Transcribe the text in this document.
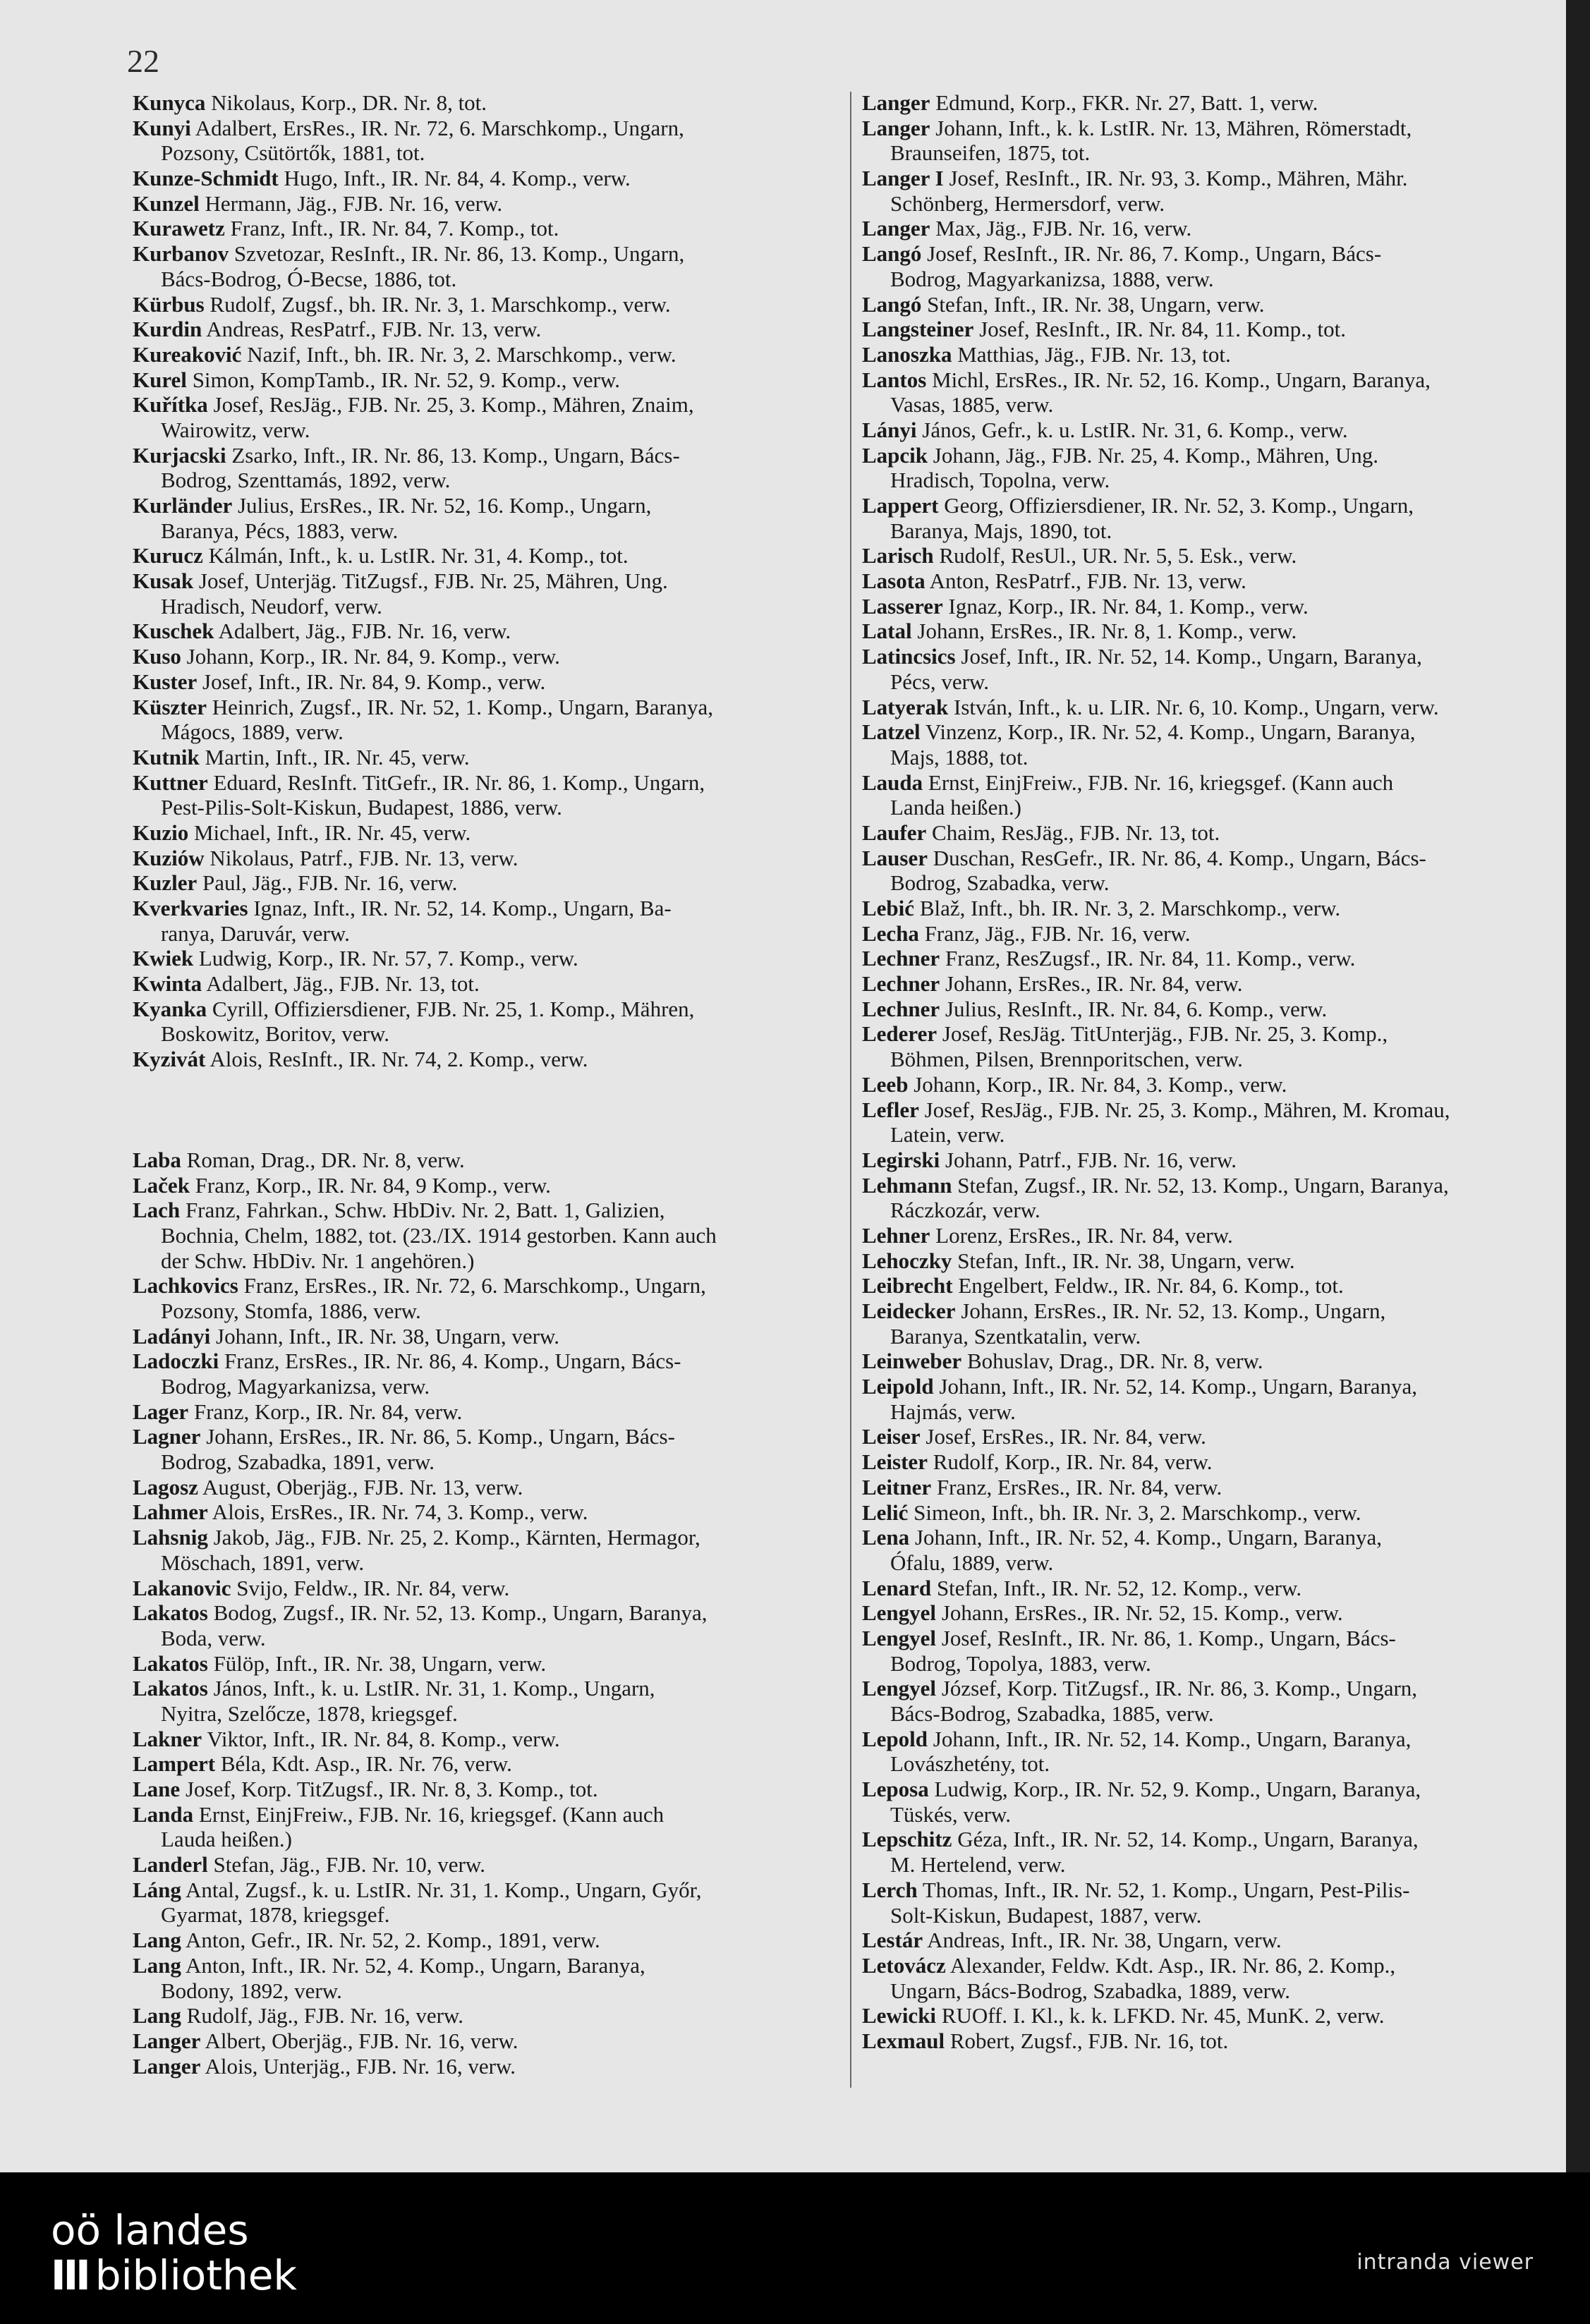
22
Kunyca Nikolaus, Korp., DR. Nr. 8, tot.
Kunyi Adalbert, ErsRes., IR. Nr. 72, 6. Marschkomp., Ungarn,
Pozsony, Csütörtők, 1881, tot.
Kunze-Schmidt Hugo, Inft., IR. Nr. 84, 4. Komp., verw.
Kunzel Hermann, Jäg., FJB. Nr. 16, verw.
Kurawetz Franz, Inft., IR. Nr. 84, 7. Komp., tot.
Kurbanov Szvetozar, ResInft., IR. Nr. 86, 13. Komp., Ungarn,
Bács-Bodrog, Ó-Becse, 1886, tot.
Kürbus Rudolf, Zugsf., bh. IR. Nr. 3, 1. Marschkomp., verw.
Kurdin Andreas, ResPatrf., FJB. Nr. 13, verw.
Kureaković Nazif, Inft., bh. IR. Nr. 3, 2. Marschkomp., verw.
Kurel Simon, KompTamb., IR. Nr. 52, 9. Komp., verw.
Kuřítka Josef, ResJäg., FJB. Nr. 25, 3. Komp., Mähren, Znaim,
Wairowitz, verw.
Kurjacski Zsarko, Inft., IR. Nr. 86, 13. Komp., Ungarn, Bács-
Bodrog, Szenttamás, 1892, verw.
Kurländer Julius, ErsRes., IR. Nr. 52, 16. Komp., Ungarn,
Baranya, Pécs, 1883, verw.
Kurucz Kálmán, Inft., k. u. LstIR. Nr. 31, 4. Komp., tot.
Kusak Josef, Unterjäg. TitZugsf., FJB. Nr. 25, Mähren, Ung.
Hradisch, Neudorf, verw.
Kuschek Adalbert, Jäg., FJB. Nr. 16, verw.
Kuso Johann, Korp., IR. Nr. 84, 9. Komp., verw.
Kuster Josef, Inft., IR. Nr. 84, 9. Komp., verw.
Küszter Heinrich, Zugsf., IR. Nr. 52, 1. Komp., Ungarn, Baranya,
Mágocs, 1889, verw.
Kutnik Martin, Inft., IR. Nr. 45, verw.
Kuttner Eduard, ResInft. TitGefr., IR. Nr. 86, 1. Komp., Ungarn,
Pest-Pilis-Solt-Kiskun, Budapest, 1886, verw.
Kuzio Michael, Inft., IR. Nr. 45, verw.
Kuziów Nikolaus, Patrf., FJB. Nr. 13, verw.
Kuzler Paul, Jäg., FJB. Nr. 16, verw.
Kverkvaries Ignaz, Inft., IR. Nr. 52, 14. Komp., Ungarn, Ba-
ranya, Daruvár, verw.
Kwiek Ludwig, Korp., IR. Nr. 57, 7. Komp., verw.
Kwinta Adalbert, Jäg., FJB. Nr. 13, tot.
Kyanka Cyrill, Offiziersdiener, FJB. Nr. 25, 1. Komp., Mähren,
Boskowitz, Boritov, verw.
Kyzivát Alois, ResInft., IR. Nr. 74, 2. Komp., verw.
Laba Roman, Drag., DR. Nr. 8, verw.
Laček Franz, Korp., IR. Nr. 84, 9 Komp., verw.
Lach Franz, Fahrkan., Schw. HbDiv. Nr. 2, Batt. 1, Galizien,
Bochnia, Chelm, 1882, tot. (23./IX. 1914 gestorben. Kann auch
der Schw. HbDiv. Nr. 1 angehören.)
Lachkovics Franz, ErsRes., IR. Nr. 72, 6. Marschkomp., Ungarn,
Pozsony, Stomfa, 1886, verw.
Ladányi Johann, Inft., IR. Nr. 38, Ungarn, verw.
Ladoczki Franz, ErsRes., IR. Nr. 86, 4. Komp., Ungarn, Bács-
Bodrog, Magyarkanizsa, verw.
Lager Franz, Korp., IR. Nr. 84, verw.
Lagner Johann, ErsRes., IR. Nr. 86, 5. Komp., Ungarn, Bács-
Bodrog, Szabadka, 1891, verw.
Lagosz August, Oberjäg., FJB. Nr. 13, verw.
Lahmer Alois, ErsRes., IR. Nr. 74, 3. Komp., verw.
Lahsnig Jakob, Jäg., FJB. Nr. 25, 2. Komp., Kärnten, Hermagor,
Möschach, 1891, verw.
Lakanovic Svijo, Feldw., IR. Nr. 84, verw.
Lakatos Bodog, Zugsf., IR. Nr. 52, 13. Komp., Ungarn, Baranya,
Boda, verw.
Lakatos Fülöp, Inft., IR. Nr. 38, Ungarn, verw.
Lakatos János, Inft., k. u. LstIR. Nr. 31, 1. Komp., Ungarn,
Nyitra, Szelőcze, 1878, kriegsgef.
Lakner Viktor, Inft., IR. Nr. 84, 8. Komp., verw.
Lampert Béla, Kdt. Asp., IR. Nr. 76, verw.
Lane Josef, Korp. TitZugsf., IR. Nr. 8, 3. Komp., tot.
Landa Ernst, EinjFreiw., FJB. Nr. 16, kriegsgef. (Kann auch
Lauda heißen.)
Landerl Stefan, Jäg., FJB. Nr. 10, verw.
Láng Antal, Zugsf., k. u. LstIR. Nr. 31, 1. Komp., Ungarn, Győr,
Gyarmat, 1878, kriegsgef.
Lang Anton, Gefr., IR. Nr. 52, 2. Komp., 1891, verw.
Lang Anton, Inft., IR. Nr. 52, 4. Komp., Ungarn, Baranya,
Bodony, 1892, verw.
Lang Rudolf, Jäg., FJB. Nr. 16, verw.
Langer Albert, Oberjäg., FJB. Nr. 16, verw.
Langer Alois, Unterjäg., FJB. Nr. 16, verw.
Langer Edmund, Korp., FKR. Nr. 27, Batt. 1, verw.
Langer Johann, Inft., k. k. LstIR. Nr. 13, Mähren, Römerstadt,
Braunseifen, 1875, tot.
Langer I Josef, ResInft., IR. Nr. 93, 3. Komp., Mähren, Mähr.
Schönberg, Hermersdorf, verw.
Langer Max, Jäg., FJB. Nr. 16, verw.
Langó Josef, ResInft., IR. Nr. 86, 7. Komp., Ungarn, Bács-
Bodrog, Magyarkanizsa, 1888, verw.
Langó Stefan, Inft., IR. Nr. 38, Ungarn, verw.
Langsteiner Josef, ResInft., IR. Nr. 84, 11. Komp., tot.
Lanoszka Matthias, Jäg., FJB. Nr. 13, tot.
Lantos Michl, ErsRes., IR. Nr. 52, 16. Komp., Ungarn, Baranya,
Vasas, 1885, verw.
Lányi János, Gefr., k. u. LstIR. Nr. 31, 6. Komp., verw.
Lapcik Johann, Jäg., FJB. Nr. 25, 4. Komp., Mähren, Ung.
Hradisch, Topolna, verw.
Lappert Georg, Offiziersdiener, IR. Nr. 52, 3. Komp., Ungarn,
Baranya, Majs, 1890, tot.
Larisch Rudolf, ResUl., UR. Nr. 5, 5. Esk., verw.
Lasota Anton, ResPatrf., FJB. Nr. 13, verw.
Lasserer Ignaz, Korp., IR. Nr. 84, 1. Komp., verw.
Latal Johann, ErsRes., IR. Nr. 8, 1. Komp., verw.
Latincsics Josef, Inft., IR. Nr. 52, 14. Komp., Ungarn, Baranya,
Pécs, verw.
Latyerak István, Inft., k. u. LIR. Nr. 6, 10. Komp., Ungarn, verw.
Latzel Vinzenz, Korp., IR. Nr. 52, 4. Komp., Ungarn, Baranya,
Majs, 1888, tot.
Lauda Ernst, EinjFreiw., FJB. Nr. 16, kriegsgef. (Kann auch
Landa heißen.)
Laufer Chaim, ResJäg., FJB. Nr. 13, tot.
Lauser Duschan, ResGefr., IR. Nr. 86, 4. Komp., Ungarn, Bács-
Bodrog, Szabadka, verw.
Lebić Blaž, Inft., bh. IR. Nr. 3, 2. Marschkomp., verw.
Lecha Franz, Jäg., FJB. Nr. 16, verw.
Lechner Franz, ResZugsf., IR. Nr. 84, 11. Komp., verw.
Lechner Johann, ErsRes., IR. Nr. 84, verw.
Lechner Julius, ResInft., IR. Nr. 84, 6. Komp., verw.
Lederer Josef, ResJäg. TitUnterjäg., FJB. Nr. 25, 3. Komp.,
Böhmen, Pilsen, Brennporitschen, verw.
Leeb Johann, Korp., IR. Nr. 84, 3. Komp., verw.
Lefler Josef, ResJäg., FJB. Nr. 25, 3. Komp., Mähren, M. Kromau,
Latein, verw.
Legirski Johann, Patrf., FJB. Nr. 16, verw.
Lehmann Stefan, Zugsf., IR. Nr. 52, 13. Komp., Ungarn, Baranya,
Ráczkozár, verw.
Lehner Lorenz, ErsRes., IR. Nr. 84, verw.
Lehoczky Stefan, Inft., IR. Nr. 38, Ungarn, verw.
Leibrecht Engelbert, Feldw., IR. Nr. 84, 6. Komp., tot.
Leidecker Johann, ErsRes., IR. Nr. 52, 13. Komp., Ungarn,
Baranya, Szentkatalin, verw.
Leinweber Bohuslav, Drag., DR. Nr. 8, verw.
Leipold Johann, Inft., IR. Nr. 52, 14. Komp., Ungarn, Baranya,
Hajmás, verw.
Leiser Josef, ErsRes., IR. Nr. 84, verw.
Leister Rudolf, Korp., IR. Nr. 84, verw.
Leitner Franz, ErsRes., IR. Nr. 84, verw.
Lelić Simeon, Inft., bh. IR. Nr. 3, 2. Marschkomp., verw.
Lena Johann, Inft., IR. Nr. 52, 4. Komp., Ungarn, Baranya,
Ófalu, 1889, verw.
Lenard Stefan, Inft., IR. Nr. 52, 12. Komp., verw.
Lengyel Johann, ErsRes., IR. Nr. 52, 15. Komp., verw.
Lengyel Josef, ResInft., IR. Nr. 86, 1. Komp., Ungarn, Bács-
Bodrog, Topolya, 1883, verw.
Lengyel József, Korp. TitZugsf., IR. Nr. 86, 3. Komp., Ungarn,
Bács-Bodrog, Szabadka, 1885, verw.
Lepold Johann, Inft., IR. Nr. 52, 14. Komp., Ungarn, Baranya,
Lovászhetény, tot.
Leposa Ludwig, Korp., IR. Nr. 52, 9. Komp., Ungarn, Baranya,
Tüskés, verw.
Lepschitz Géza, Inft., IR. Nr. 52, 14. Komp., Ungarn, Baranya,
M. Hertelend, verw.
Lerch Thomas, Inft., IR. Nr. 52, 1. Komp., Ungarn, Pest-Pilis-
Solt-Kiskun, Budapest, 1887, verw.
Lestár Andreas, Inft., IR. Nr. 38, Ungarn, verw.
Letovácz Alexander, Feldw. Kdt. Asp., IR. Nr. 86, 2. Komp.,
Ungarn, Bács-Bodrog, Szabadka, 1889, verw.
Lewicki RUOff. I. Kl., k. k. LFKD. Nr. 45, MunK. 2, verw.
Lexmaul Robert, Zugsf., FJB. Nr. 16, tot.
oö landes
III bibliothek	intranda viewer
